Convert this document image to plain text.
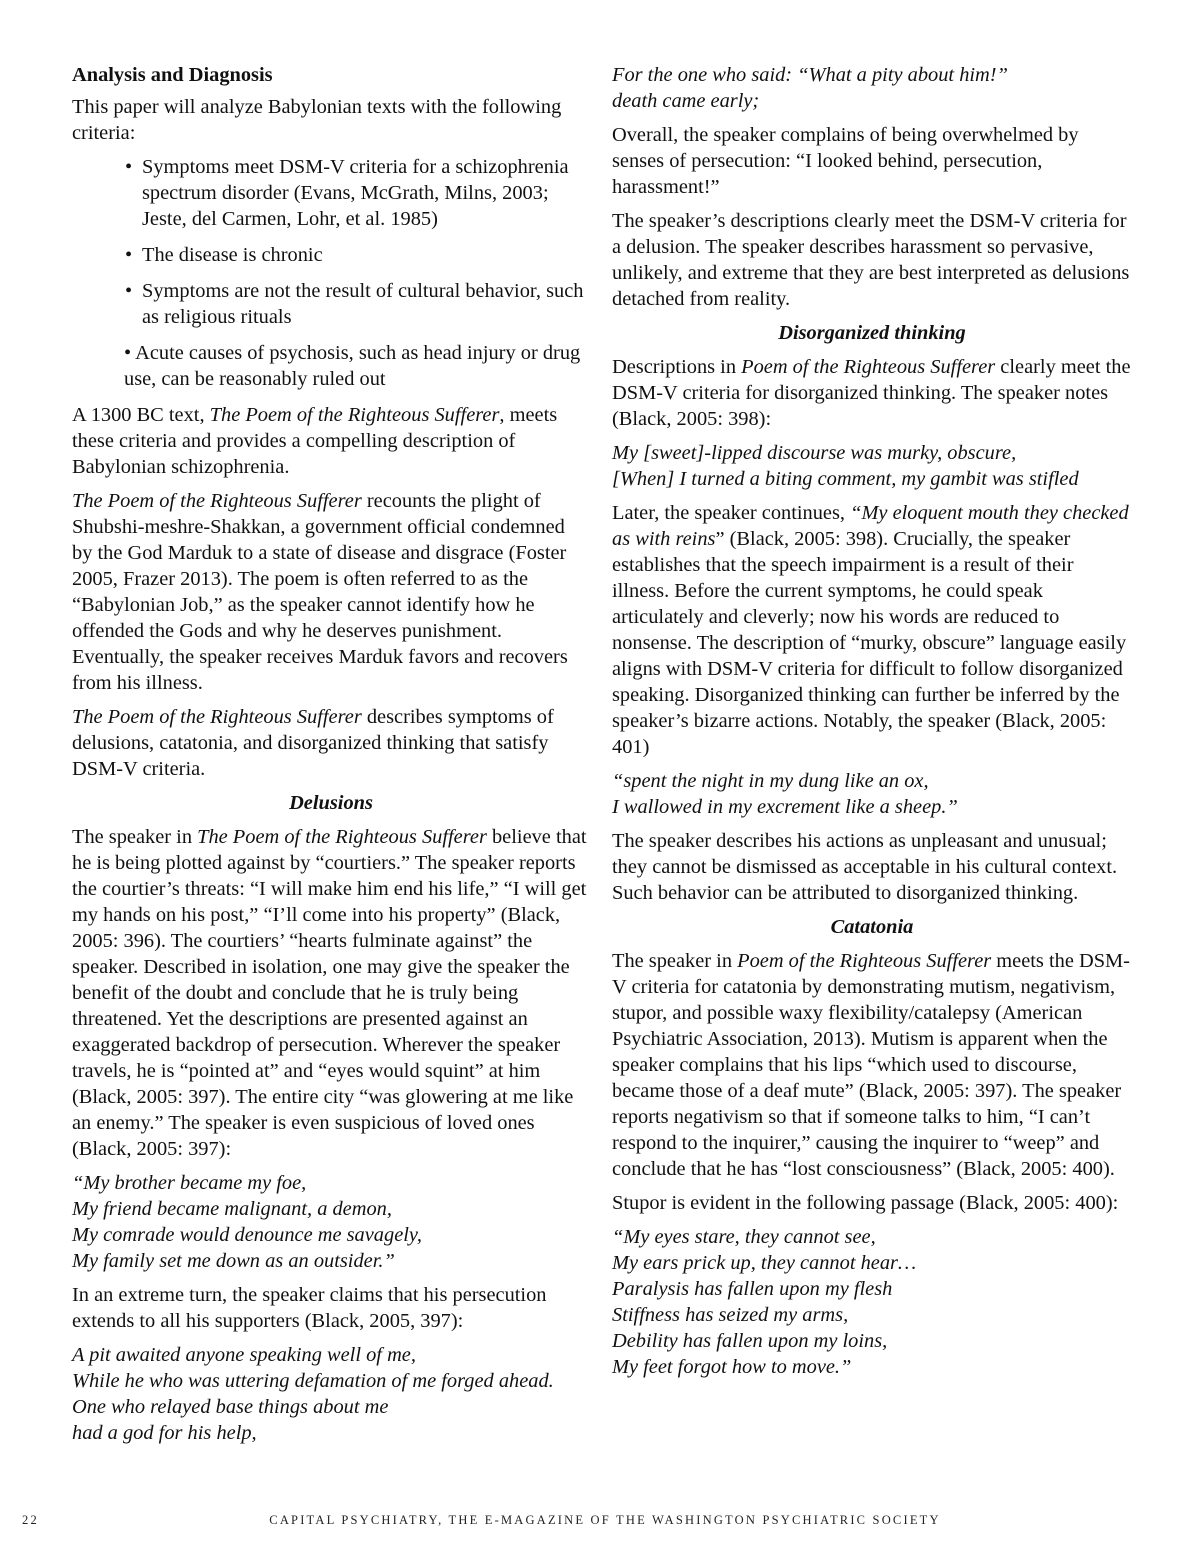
Analysis and Diagnosis

This paper will analyze Babylonian texts with the following criteria:

• Symptoms meet DSM-V criteria for a schizophrenia spectrum disorder (Evans, McGrath, Milns, 2003; Jeste, del Carmen, Lohr, et al. 1985)
• The disease is chronic
• Symptoms are not the result of cultural behavior, such as religious rituals
• Acute causes of psychosis, such as head injury or drug use, can be reasonably ruled out

A 1300 BC text, The Poem of the Righteous Sufferer, meets these criteria and provides a compelling description of Babylonian schizophrenia.

The Poem of the Righteous Sufferer recounts the plight of Shubshi-meshre-Shakkan, a government official condemned by the God Marduk to a state of disease and disgrace (Foster 2005, Frazer 2013). The poem is often referred to as the “Babylonian Job,” as the speaker cannot identify how he offended the Gods and why he deserves punishment. Eventually, the speaker receives Marduk favors and recovers from his illness.

The Poem of the Righteous Sufferer describes symptoms of delusions, catatonia, and disorganized thinking that satisfy DSM-V criteria.

Delusions

The speaker in The Poem of the Righteous Sufferer believe that he is being plotted against by “courtiers.” The speaker reports the courtier’s threats: “I will make him end his life,” “I will get my hands on his post,” “I’ll come into his property” (Black, 2005: 396). The courtiers’ “hearts fulminate against” the speaker. Described in isolation, one may give the speaker the benefit of the doubt and conclude that he is truly being threatened. Yet the descriptions are presented against an exaggerated backdrop of persecution. Wherever the speaker travels, he is “pointed at” and “eyes would squint” at him (Black, 2005: 397). The entire city “was glowering at me like an enemy.” The speaker is even suspicious of loved ones (Black, 2005: 397):

“My brother became my foe,
My friend became malignant, a demon,
My comrade would denounce me savagely,
My family set me down as an outsider.”

In an extreme turn, the speaker claims that his persecution extends to all his supporters (Black, 2005, 397):

A pit awaited anyone speaking well of me,
While he who was uttering defamation of me forged ahead.
One who relayed base things about me
had a god for his help,
For the one who said: “What a pity about him!”
death came early;

Overall, the speaker complains of being overwhelmed by senses of persecution: “I looked behind, persecution, harassment!”

The speaker’s descriptions clearly meet the DSM-V criteria for a delusion. The speaker describes harassment so pervasive, unlikely, and extreme that they are best interpreted as delusions detached from reality.

Disorganized thinking

Descriptions in Poem of the Righteous Sufferer clearly meet the DSM-V criteria for disorganized thinking. The speaker notes (Black, 2005: 398):

My [sweet]-lipped discourse was murky, obscure,
[When] I turned a biting comment, my gambit was stifled

Later, the speaker continues, “My eloquent mouth they checked as with reins” (Black, 2005: 398). Crucially, the speaker establishes that the speech impairment is a result of their illness. Before the current symptoms, he could speak articulately and cleverly; now his words are reduced to nonsense. The description of “murky, obscure” language easily aligns with DSM-V criteria for difficult to follow disorganized speaking. Disorganized thinking can further be inferred by the speaker’s bizarre actions. Notably, the speaker (Black, 2005: 401)

“spent the night in my dung like an ox,
I wallowed in my excrement like a sheep.”

The speaker describes his actions as unpleasant and unusual; they cannot be dismissed as acceptable in his cultural context. Such behavior can be attributed to disorganized thinking.

Catatonia

The speaker in Poem of the Righteous Sufferer meets the DSM-V criteria for catatonia by demonstrating mutism, negativism, stupor, and possible waxy flexibility/catalepsy (American Psychiatric Association, 2013). Mutism is apparent when the speaker complains that his lips “which used to discourse, became those of a deaf mute” (Black, 2005: 397). The speaker reports negativism so that if someone talks to him, “I can’t respond to the inquirer,” causing the inquirer to “weep” and conclude that he has “lost consciousness” (Black, 2005: 400).

Stupor is evident in the following passage (Black, 2005: 400):

“My eyes stare, they cannot see,
My ears prick up, they cannot hear…
Paralysis has fallen upon my flesh
Stiffness has seized my arms,
Debility has fallen upon my loins,
My feet forgot how to move.”
22	CAPITAL PSYCHIATRY, THE E-MAGAZINE OF THE WASHINGTON PSYCHIATRIC SOCIETY
